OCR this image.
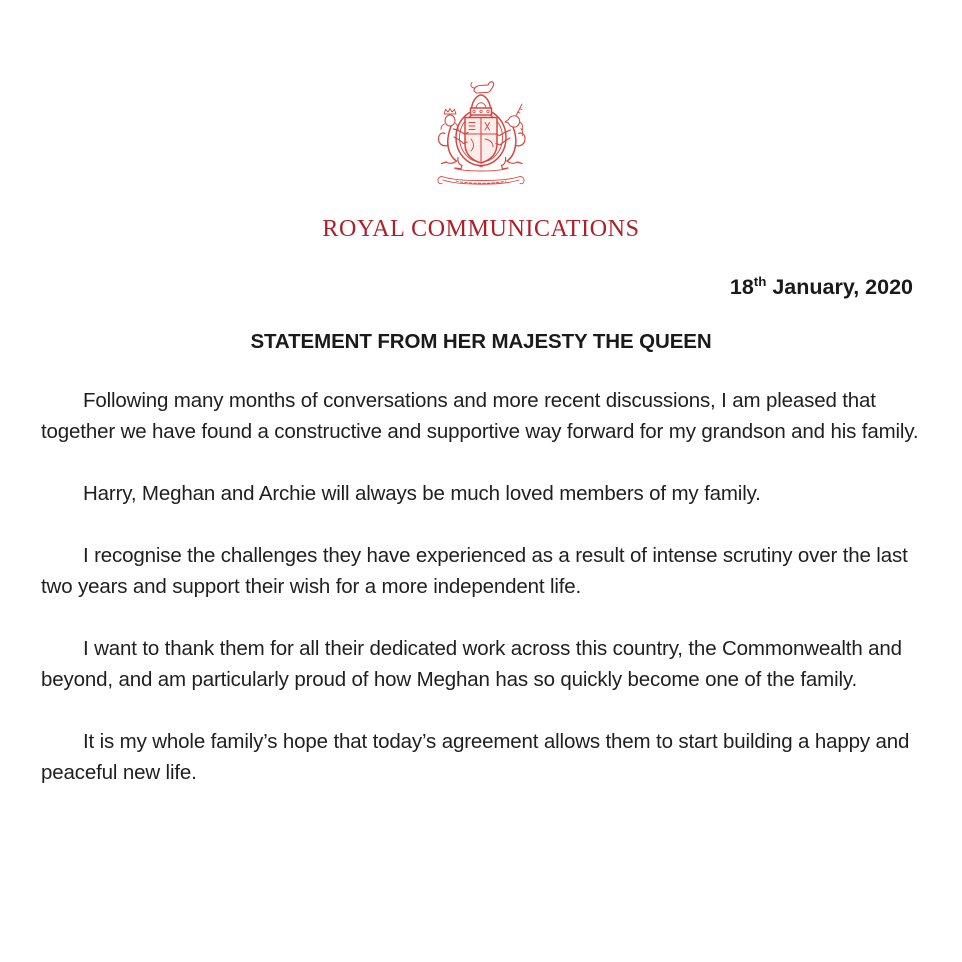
ROYAL COMMUNICATIONS
18th January, 2020
STATEMENT FROM HER MAJESTY THE QUEEN

Following many months of conversations and more recent discussions, I am pleased that together we have found a constructive and supportive way forward for my grandson and his family.

Harry, Meghan and Archie will always be much loved members of my family.

I recognise the challenges they have experienced as a result of intense scrutiny over the last two years and support their wish for a more independent life.

I want to thank them for all their dedicated work across this country, the Commonwealth and beyond, and am particularly proud of how Meghan has so quickly become one of the family.

It is my whole family’s hope that today’s agreement allows them to start building a happy and peaceful new life.
